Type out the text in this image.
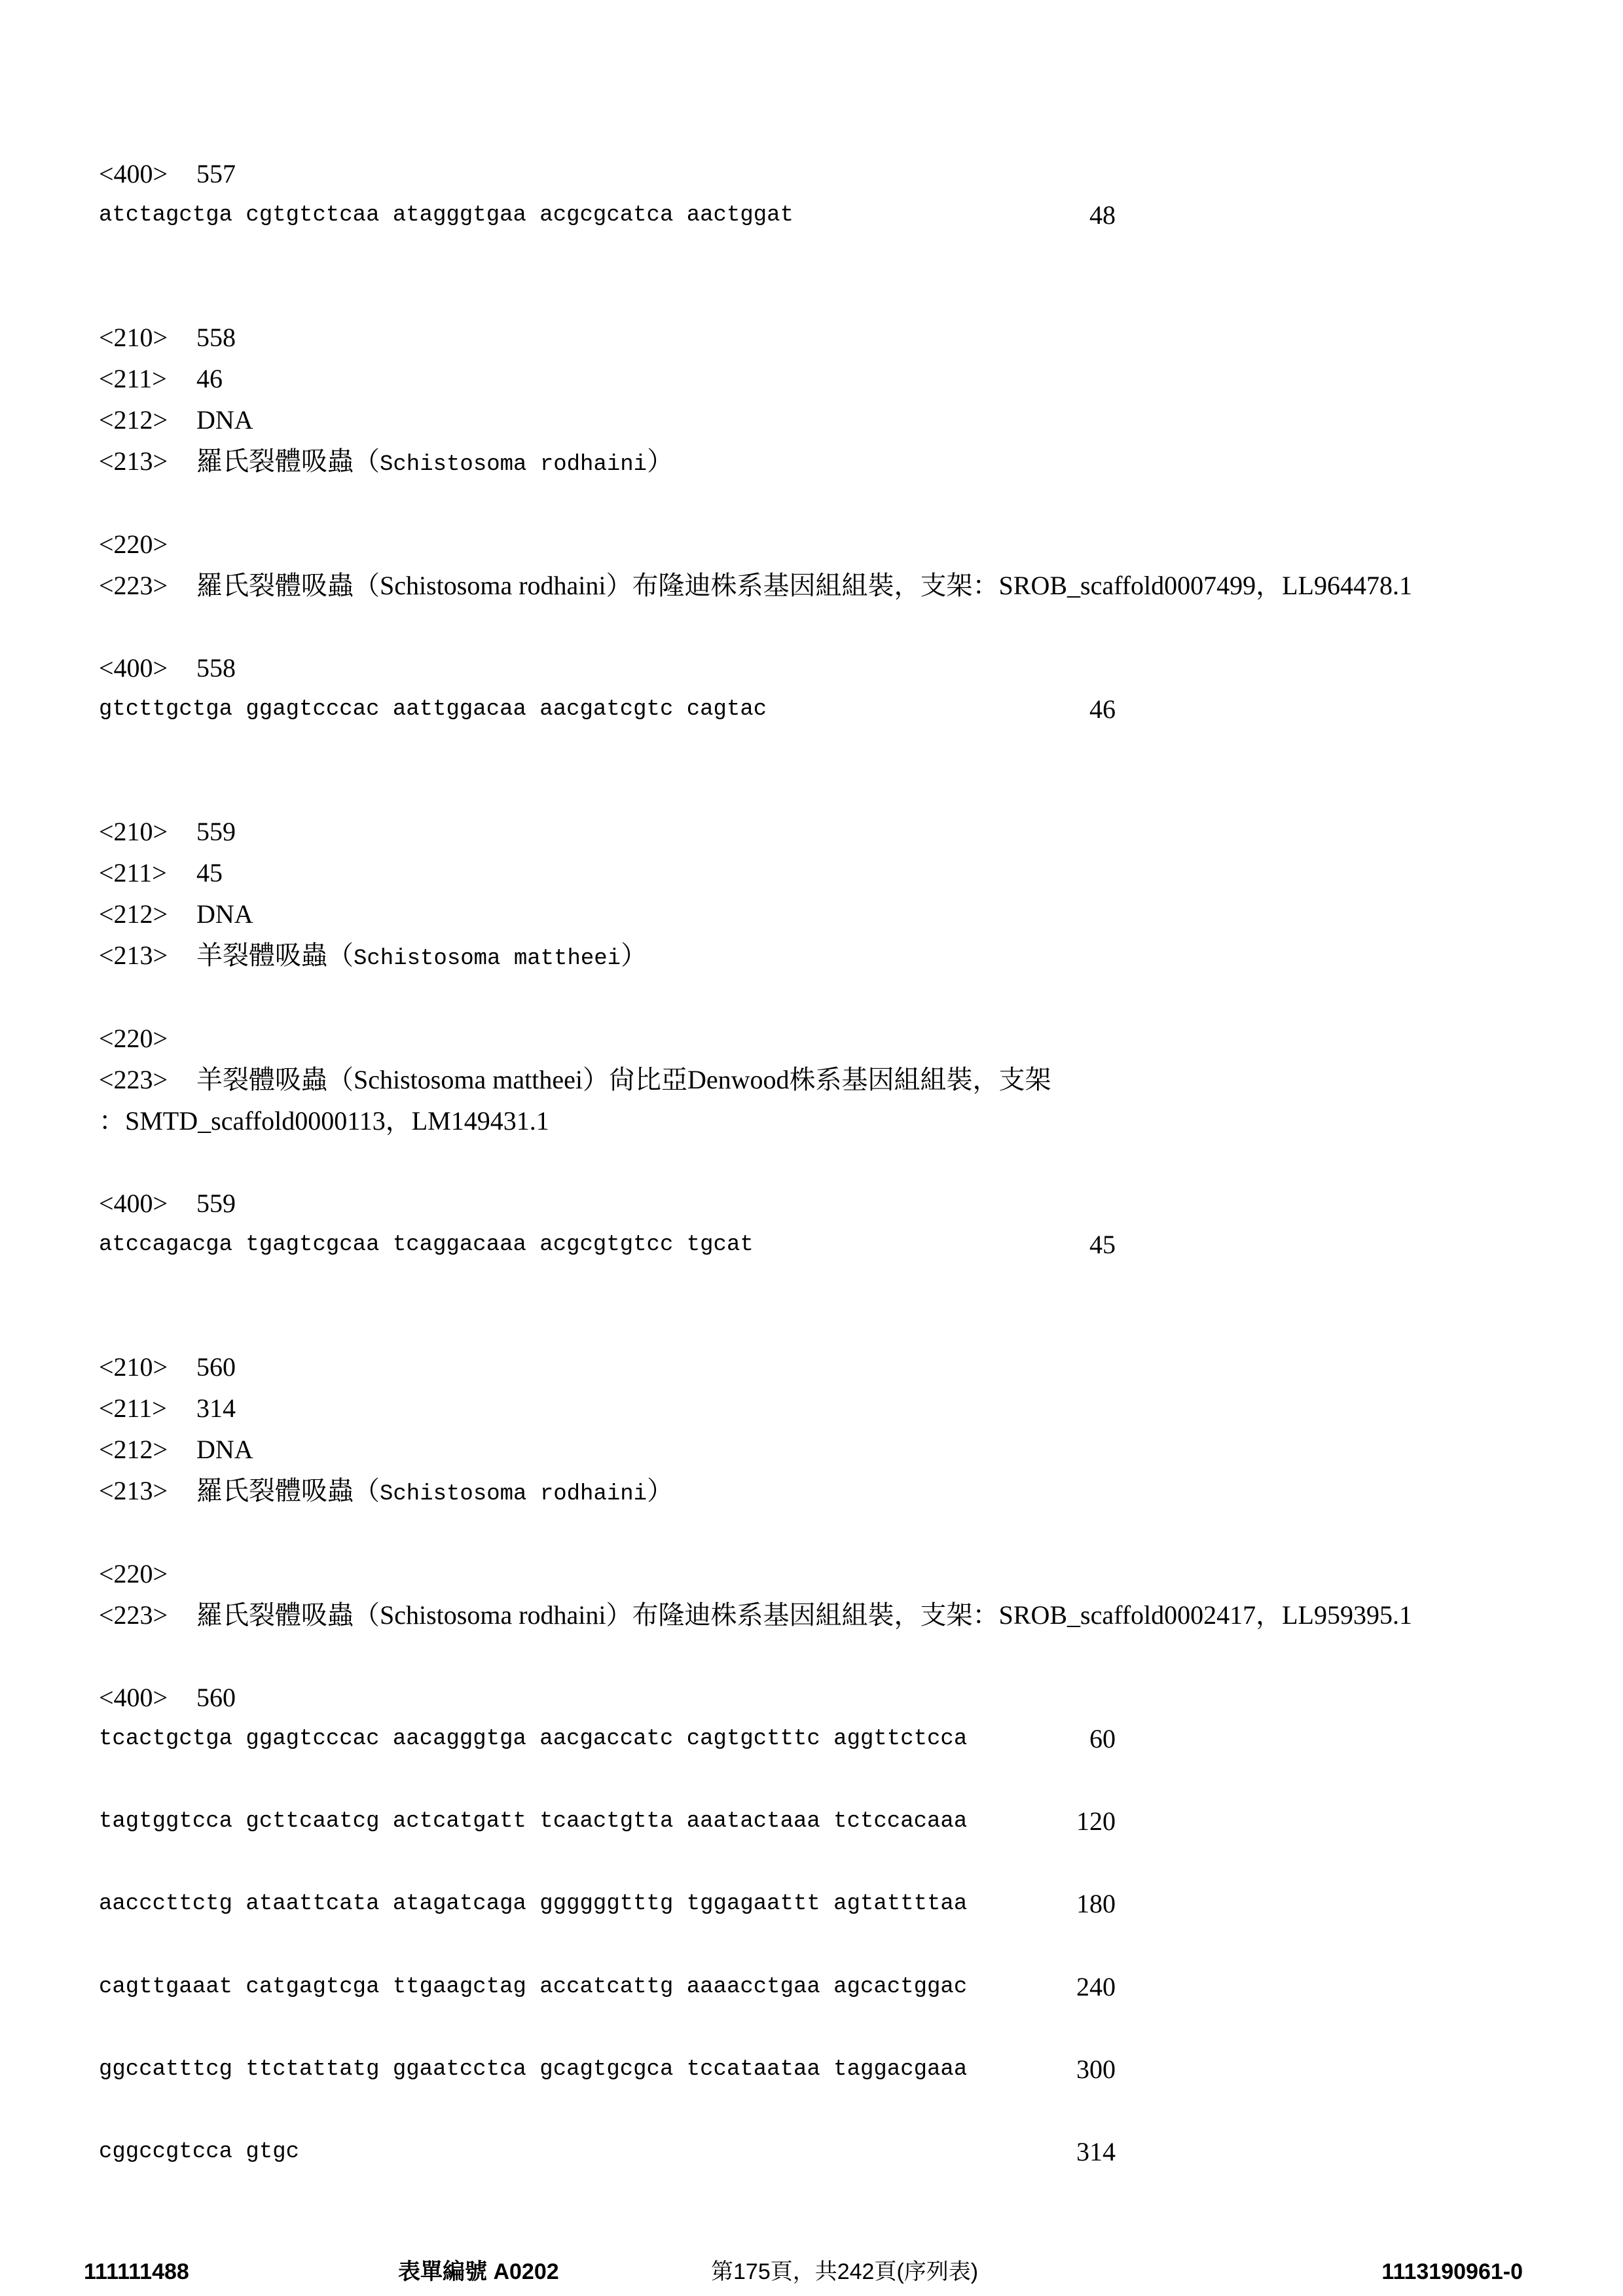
<400> 557
atctagctga cgtgtctcaa atagggtgaa acgcgcatca aactggat	48
<210> 558
<211> 46
<212> DNA
<213> 羅氏裂體吸蟲（Schistosoma rodhaini）
<220>
<223> 羅氏裂體吸蟲（Schistosoma rodhaini）布隆迪株系基因組組裝，支架：SROB_scaffold0007499，LL964478.1
<400> 558
gtcttgctga ggagtcccac aattggacaa aacgatcgtc cagtac	46
<210> 559
<211> 45
<212> DNA
<213> 羊裂體吸蟲（Schistosoma mattheei）
<220>
<223> 羊裂體吸蟲（Schistosoma mattheei）尙比亞Denwood株系基因組組裝，支架
：SMTD_scaffold0000113，LM149431.1
<400> 559
atccagacga tgagtcgcaa tcaggacaaa acgcgtgtcc tgcat	45
<210> 560
<211> 314
<212> DNA
<213> 羅氏裂體吸蟲（Schistosoma rodhaini）
<220>
<223> 羅氏裂體吸蟲（Schistosoma rodhaini）布隆迪株系基因組組裝，支架：SROB_scaffold0002417，LL959395.1
<400> 560
tcactgctga ggagtcccac aacagggtga aacgaccatc cagtgctttc aggttctcca	60
tagtggtcca gcttcaatcg actcatgatt tcaactgtta aaatactaaa tctccacaaa	120
aacccttctg ataattcata atagatcaga ggggggtttg tggagaattt agtattttaa	180
cagttgaaat catgagtcga ttgaagctag accatcattg aaaacctgaa agcactggac	240
ggccatttcg ttctattatg ggaatcctca gcagtgcgca tccataataa taggacgaaa	300
cggccgtcca gtgc	314
111111488	表單編號 A0202	第175頁，共242頁(序列表)	1113190961-0
